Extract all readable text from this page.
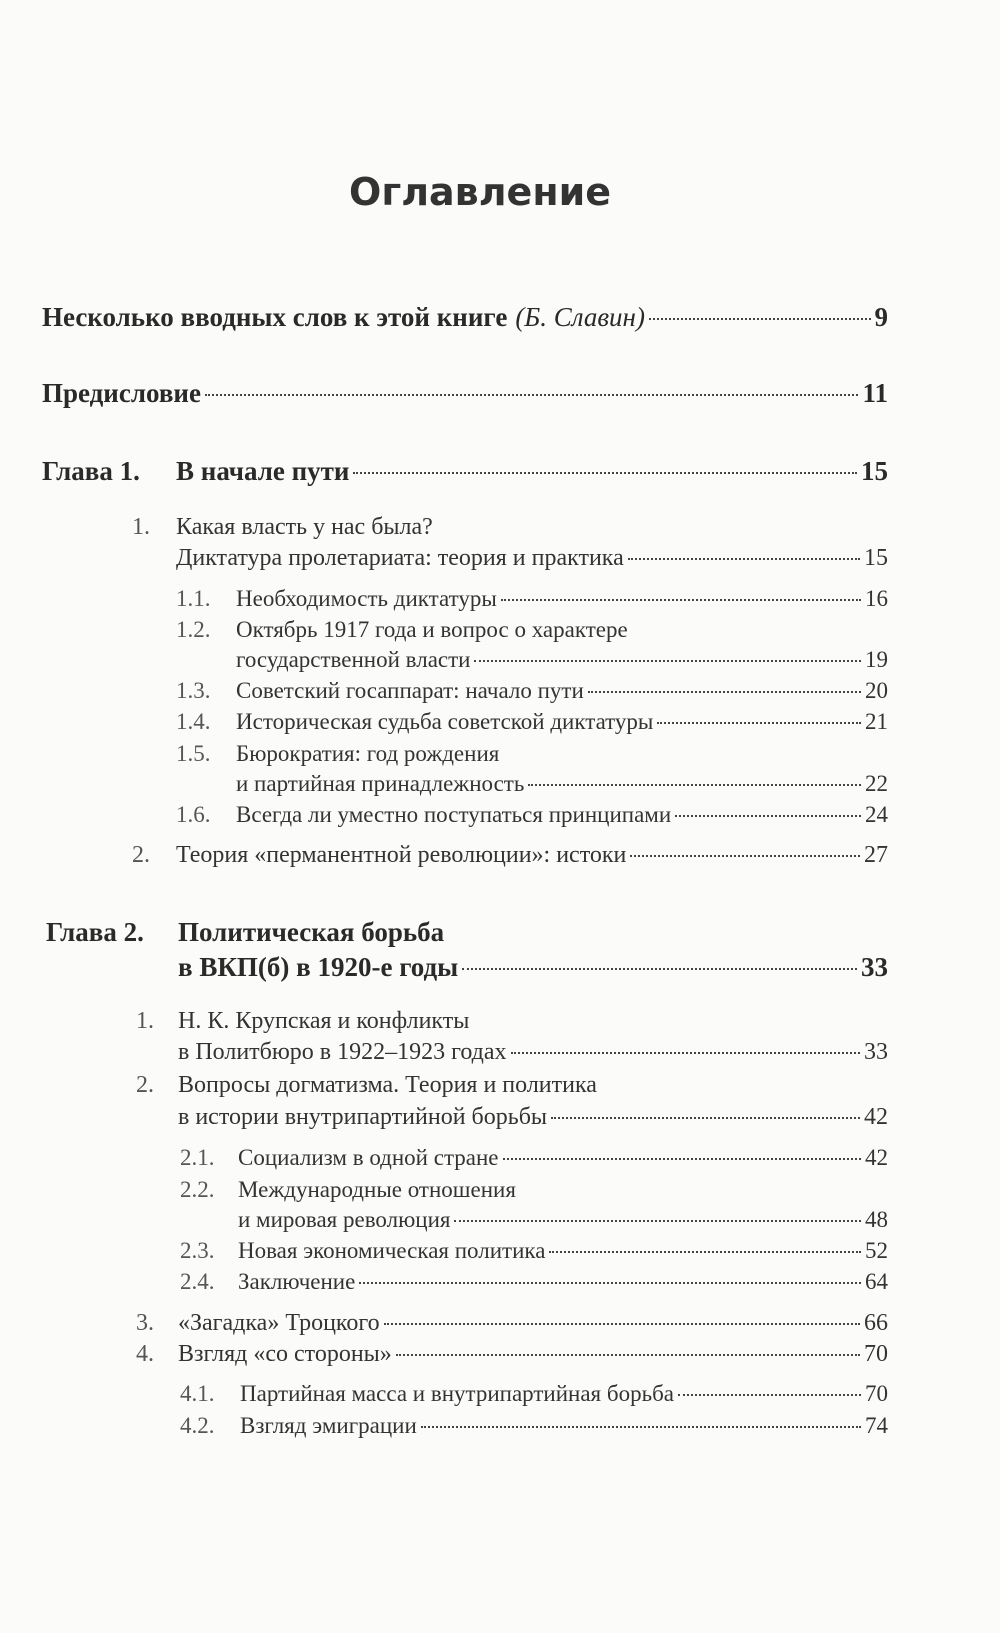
Оглавление
Несколько вводных слов к этой книге (Б. Славин)	9
Предисловие	11
Глава 1. В начале пути	15
1. Какая власть у нас была?
Диктатура пролетариата: теория и практика	15
1.1. Необходимость диктатуры	16
1.2. Октябрь 1917 года и вопрос о характере
государственной власти	19
1.3. Советский госаппарат: начало пути	20
1.4. Историческая судьба советской диктатуры	21
1.5. Бюрократия: год рождения
и партийная принадлежность	22
1.6. Всегда ли уместно поступаться принципами	24
2. Теория «перманентной революции»: истоки	27
Глава 2. Политическая борьба
в ВКП(б) в 1920-е годы	33
1. Н. К. Крупская и конфликты
в Политбюро в 1922–1923 годах	33
2. Вопросы догматизма. Теория и политика
в истории внутрипартийной борьбы	42
2.1. Социализм в одной стране	42
2.2. Международные отношения
и мировая революция	48
2.3. Новая экономическая политика	52
2.4. Заключение	64
3. «Загадка» Троцкого	66
4. Взгляд «со стороны»	70
4.1. Партийная масса и внутрипартийная борьба	70
4.2. Взгляд эмиграции	74
